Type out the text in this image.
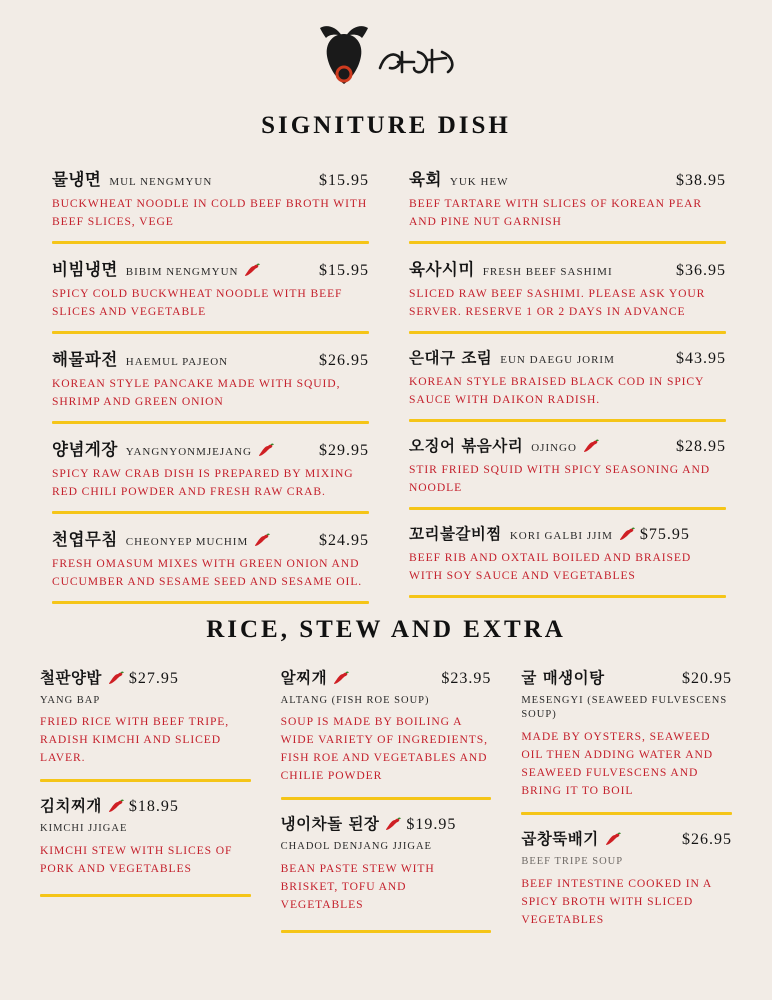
SIGNITURE DISH
물냉면 MUL NENGMYUN	$15.95
BUCKWHEAT NOODLE IN COLD BEEF BROTH WITH BEEF SLICES, VEGE
비빔냉면 BIBIM NENGMYUN	$15.95
SPICY COLD BUCKWHEAT NOODLE WITH BEEF SLICES AND VEGETABLE
해물파전 HAEMUL PAJEON	$26.95
KOREAN STYLE PANCAKE MADE WITH SQUID, SHRIMP AND GREEN ONION
양념게장 YANGNYONMJEJANG	$29.95
SPICY RAW CRAB DISH IS PREPARED BY MIXING RED CHILI POWDER AND FRESH RAW CRAB.
천엽무침 CHEONYEP MUCHIM	$24.95
FRESH OMASUM MIXES WITH GREEN ONION AND CUCUMBER AND SESAME SEED AND SESAME OIL.
육회 YUK HEW	$38.95
BEEF TARTARE WITH SLICES OF KOREAN PEAR AND PINE NUT GARNISH
육사시미 FRESH BEEF SASHIMI	$36.95
SLICED RAW BEEF SASHIMI. PLEASE ASK YOUR SERVER. RESERVE 1 OR 2 DAYS IN ADVANCE
은대구 조림 EUN DAEGU JORIM	$43.95
KOREAN STYLE BRAISED BLACK COD IN SPICY SAUCE WITH DAIKON RADISH.
오징어 볶음사리 OJINGO	$28.95
STIR FRIED SQUID WITH SPICY SEASONING AND NOODLE
꼬리불갈비찜 KORI GALBI JJIM $75.95
BEEF RIB AND OXTAIL BOILED AND BRAISED WITH SOY SAUCE AND VEGETABLES
RICE, STEW AND EXTRA
철판양밥 $27.95
YANG BAP
FRIED RICE WITH BEEF TRIPE, RADISH KIMCHI AND SLICED LAVER.
김치찌개 $18.95
KIMCHI JJIGAE
KIMCHI STEW WITH SLICES OF PORK AND VEGETABLES
알찌개	$23.95
ALTANG (FISH ROE SOUP)
SOUP IS MADE BY BOILING A WIDE VARIETY OF INGREDIENTS, FISH ROE AND VEGETABLES AND CHILIE POWDER
냉이차돌 된장 $19.95
CHADOL DENJANG JJIGAE
BEAN PASTE STEW WITH BRISKET, TOFU AND VEGETABLES
굴 매생이탕	$20.95
MESENGYI (SEAWEED FULVESCENS SOUP)
MADE BY OYSTERS, SEAWEED OIL THEN ADDING WATER AND SEAWEED FULVESCENS AND BRING IT TO BOIL
곱창뚝배기	$26.95
BEEF TRIPE SOUP
BEEF INTESTINE COOKED IN A SPICY BROTH WITH SLICED VEGETABLES
